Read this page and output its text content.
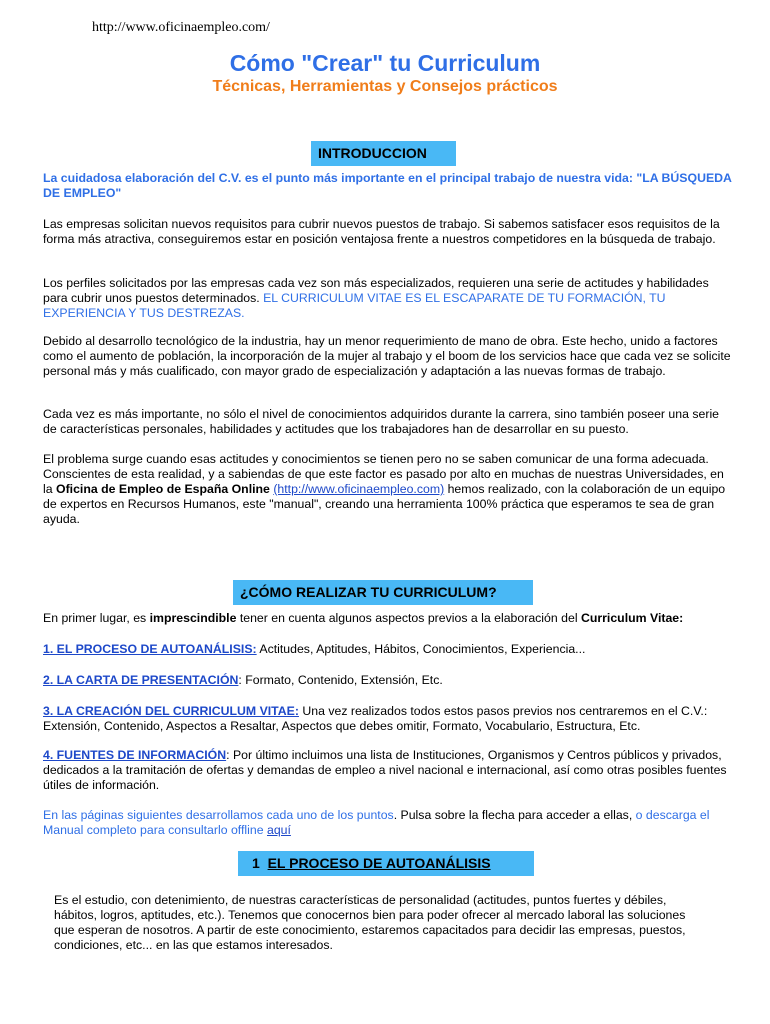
http://www.oficinaempleo.com/
Cómo "Crear" tu Curriculum
Técnicas, Herramientas y Consejos prácticos
INTRODUCCION

La cuidadosa elaboración del C.V. es el punto más importante en el principal trabajo de nuestra vida: "LA BÚSQUEDA DE EMPLEO"

Las empresas solicitan nuevos requisitos para cubrir nuevos puestos de trabajo. Si sabemos satisfacer esos requisitos de la forma más atractiva, conseguiremos estar en posición ventajosa frente a nuestros competidores en la búsqueda de trabajo.

Los perfiles solicitados por las empresas cada vez son más especializados, requieren una serie de actitudes y habilidades para cubrir unos puestos determinados. EL CURRICULUM VITAE ES EL ESCAPARATE DE TU FORMACIÓN, TU EXPERIENCIA Y TUS DESTREZAS.

Debido al desarrollo tecnológico de la industria, hay un menor requerimiento de mano de obra. Este hecho, unido a factores como el aumento de población, la incorporación de la mujer al trabajo y el boom de los servicios hace que cada vez se solicite personal más y más cualificado, con mayor grado de especialización y adaptación a las nuevas formas de trabajo.

Cada vez es más importante, no sólo el nivel de conocimientos adquiridos durante la carrera, sino también poseer una serie de características personales, habilidades y actitudes que los trabajadores han de desarrollar en su puesto.

El problema surge cuando esas actitudes y conocimientos se tienen pero no se saben comunicar de una forma adecuada. Conscientes de esta realidad, y a sabiendas de que este factor es pasado por alto en muchas de nuestras Universidades, en la Oficina de Empleo de España Online (http://www.oficinaempleo.com) hemos realizado, con la colaboración de un equipo de expertos en Recursos Humanos, este "manual", creando una herramienta 100% práctica que esperamos te sea de gran ayuda.

¿CÓMO REALIZAR TU CURRICULUM?

En primer lugar, es imprescindible tener en cuenta algunos aspectos previos a la elaboración del Curriculum Vitae:

1. EL PROCESO DE AUTOANÁLISIS: Actitudes, Aptitudes, Hábitos, Conocimientos, Experiencia...

2. LA CARTA DE PRESENTACIÓN: Formato, Contenido, Extensión, Etc.

3. LA CREACIÓN DEL CURRICULUM VITAE: Una vez realizados todos estos pasos previos nos centraremos en el C.V.: Extensión, Contenido, Aspectos a Resaltar, Aspectos que debes omitir, Formato, Vocabulario, Estructura, Etc.

4. FUENTES DE INFORMACIÓN: Por último incluimos una lista de Instituciones, Organismos y Centros públicos y privados, dedicados a la tramitación de ofertas y demandas de empleo a nivel nacional e internacional, así como otras posibles fuentes útiles de información.

En las páginas siguientes desarrollamos cada uno de los puntos. Pulsa sobre la flecha para acceder a ellas, o descarga el Manual completo para consultarlo offline aquí

1 EL PROCESO DE AUTOANÁLISIS

Es el estudio, con detenimiento, de nuestras características de personalidad (actitudes, puntos fuertes y débiles, hábitos, logros, aptitudes, etc.). Tenemos que conocernos bien para poder ofrecer al mercado laboral las soluciones que esperan de nosotros. A partir de este conocimiento, estaremos capacitados para decidir las empresas, puestos, condiciones, etc... en las que estamos interesados.
